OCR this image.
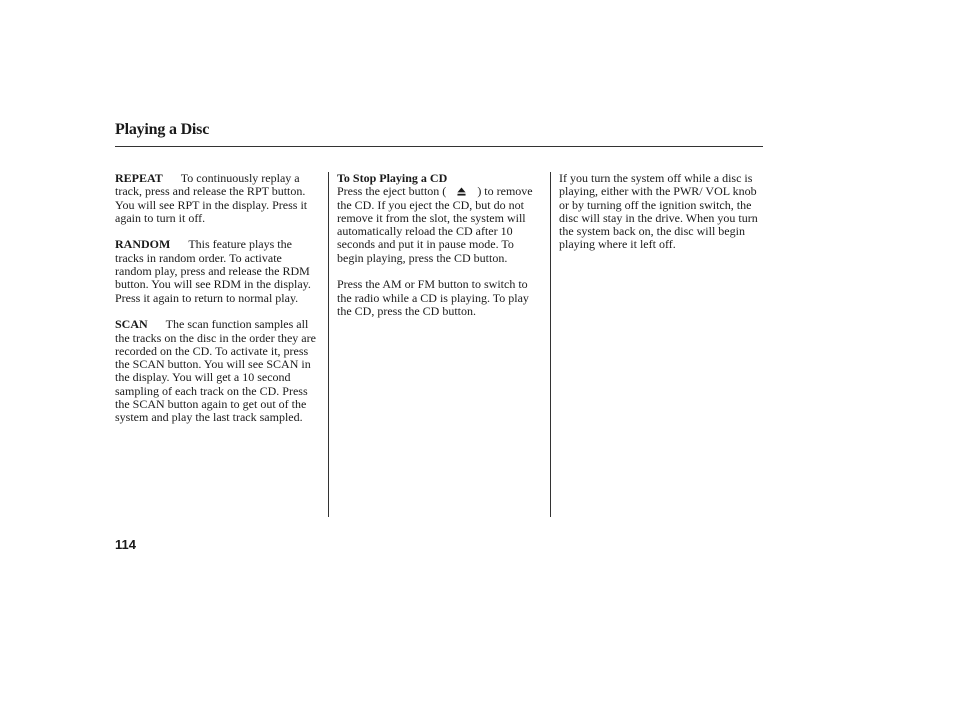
Playing a Disc

REPEAT To continuously replay a track, press and release the RPT button. You will see RPT in the display. Press it again to turn it off.

RANDOM This feature plays the tracks in random order. To activate random play, press and release the RDM button. You will see RDM in the display. Press it again to return to normal play.

SCAN The scan function samples all the tracks on the disc in the order they are recorded on the CD. To activate it, press the SCAN button. You will see SCAN in the display. You will get a 10 second sampling of each track on the CD. Press the SCAN button again to get out of the system and play the last track sampled.

To Stop Playing a CD
Press the eject button (	) to remove the CD. If you eject the CD, but do not remove it from the slot, the system will automatically reload the CD after 10 seconds and put it in pause mode. To begin playing, press the CD button.

Press the AM or FM button to switch to the radio while a CD is playing. To play the CD, press the CD button.

If you turn the system off while a disc is playing, either with the PWR/ VOL knob or by turning off the ignition switch, the disc will stay in the drive. When you turn the system back on, the disc will begin playing where it left off.

114
